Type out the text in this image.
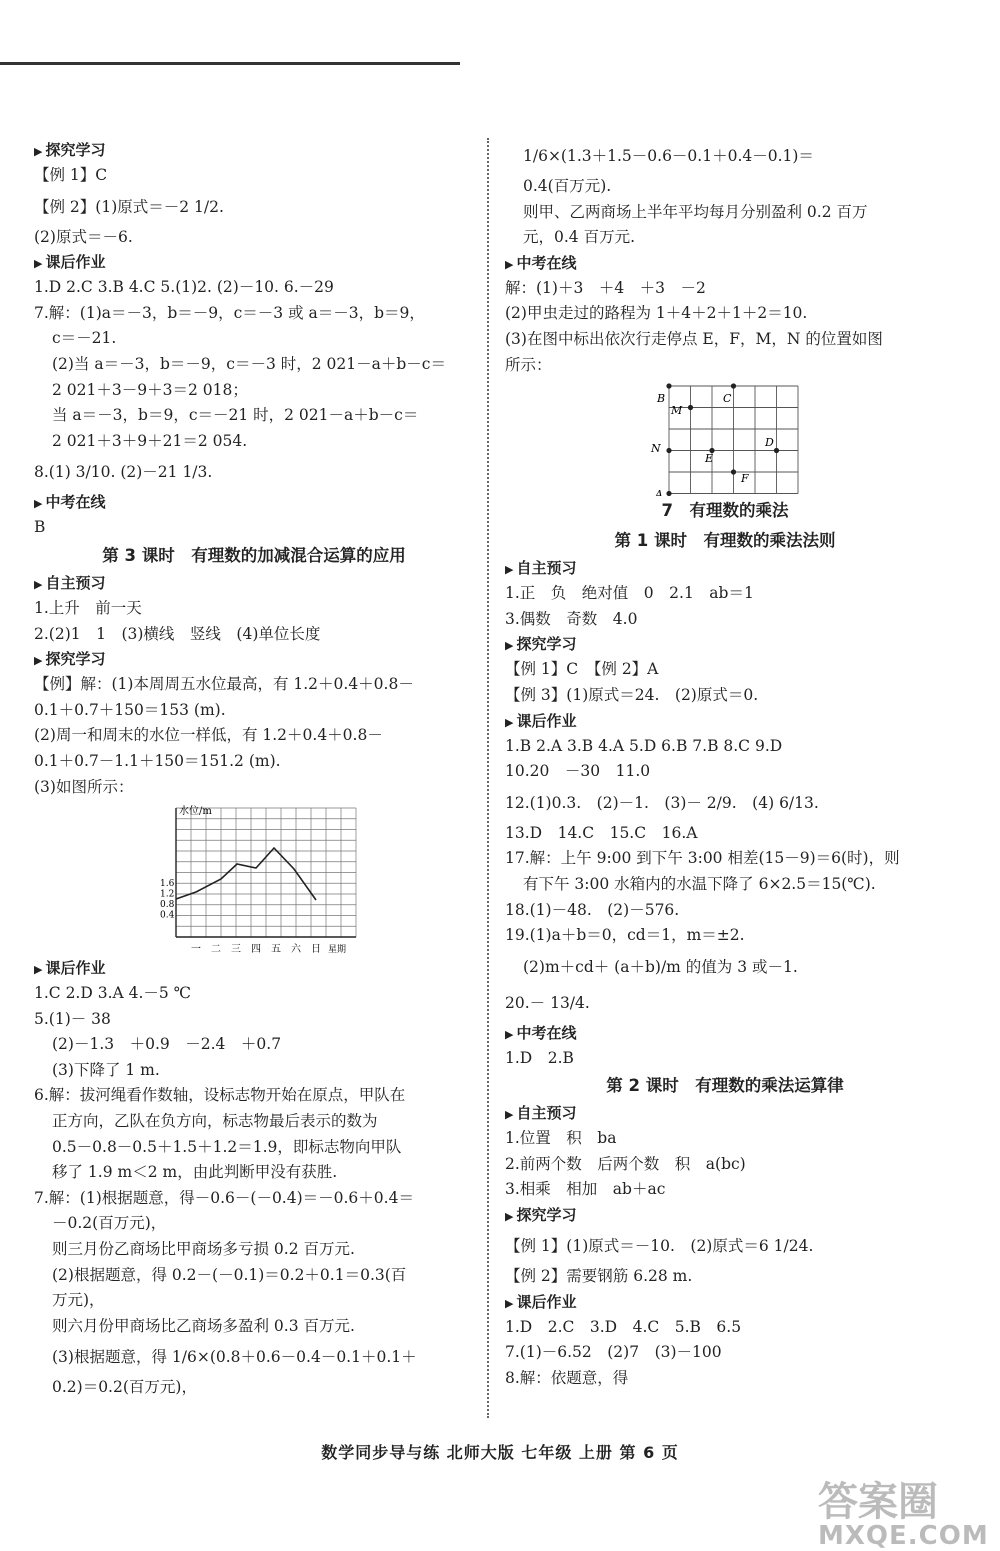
▶ 探究学习
【例 1】C
【例 2】(1)原式＝－2 1/2.
(2)原式＝－6.
▶ 课后作业
1.D 2.C 3.B 4.C 5.(1)2. (2)－10. 6.－29
7.解：(1)a＝－3，b＝－9，c＝－3 或 a＝－3，b＝9，
c＝－21.
(2)当 a＝－3，b＝－9，c＝－3 时，2 021－a＋b－c＝
2 021＋3－9＋3＝2 018；
当 a＝－3，b＝9，c＝－21 时，2 021－a＋b－c＝
2 021＋3＋9＋21＝2 054.
8.(1) 3/10. (2)－21 1/3.
▶ 中考在线
B
第 3 课时　有理数的加减混合运算的应用
▶ 自主预习
1.上升　前一天
2.(2)1　1　(3)横线　竖线　(4)单位长度
▶ 探究学习
【例】解：(1)本周周五水位最高，有 1.2＋0.4＋0.8－
0.1＋0.7＋150＝153 (m).
(2)周一和周末的水位一样低，有 1.2＋0.4＋0.8－
0.1＋0.7－1.1＋150＝151.2 (m).
(3)如图所示：
水位/m
星期
1.6
1.2
0.8
0.4
一 二 三 四 五 六 日
▶ 课后作业
1.C 2.D 3.A 4.－5 ℃
5.(1)－ 38
(2)－1.3　＋0.9　－2.4　＋0.7
(3)下降了 1 m.
6.解：拔河绳看作数轴，设标志物开始在原点，甲队在
正方向，乙队在负方向，标志物最后表示的数为
0.5－0.8－0.5＋1.5＋1.2＝1.9，即标志物向甲队
移了 1.9 m＜2 m，由此判断甲没有获胜.
7.解：(1)根据题意，得－0.6－(－0.4)＝－0.6＋0.4＝
－0.2(百万元)，
则三月份乙商场比甲商场多亏损 0.2 百万元.
(2)根据题意，得 0.2－(－0.1)＝0.2＋0.1＝0.3(百
万元)，
则六月份甲商场比乙商场多盈利 0.3 百万元.
(3)根据题意，得 1/6×(0.8＋0.6－0.4－0.1＋0.1＋
0.2)＝0.2(百万元)，
1/6×(1.3＋1.5－0.6－0.1＋0.4－0.1)＝
0.4(百万元).
则甲、乙两商场上半年平均每月分别盈利 0.2 百万
元，0.4 百万元.
▶ 中考在线
解：(1)＋3　＋4　＋3　－2
(2)甲虫走过的路程为 1＋4＋2＋1＋2＝10.
(3)在图中标出依次行走停点 E，F，M，N 的位置如图
所示：
B
M
C
D
N
E
F
A
7　有理数的乘法
第 1 课时　有理数的乘法法则
▶ 自主预习
1.正　负　绝对值　0　2.1　ab＝1
3.偶数　奇数　4.0
▶ 探究学习
【例 1】C　【例 2】A
【例 3】(1)原式＝24.　(2)原式＝0.
▶ 课后作业
1.B 2.A 3.B 4.A 5.D 6.B 7.B 8.C 9.D
10.20　－30　11.0
12.(1)0.3.　(2)－1.　(3)－ 2/9.　(4) 6/13.
13.D　14.C　15.C　16.A
17.解：上午 9:00 到下午 3:00 相差(15－9)＝6(时)，则
有下午 3:00 水箱内的水温下降了 6×2.5＝15(℃).
18.(1)－48.　(2)－576.
19.(1)a＋b＝0，cd＝1，m＝±2.
(2)m＋cd＋ (a＋b)/m 的值为 3 或－1.
20.－ 13/4.
▶ 中考在线
1.D　2.B
第 2 课时　有理数的乘法运算律
▶ 自主预习
1.位置　积　ba
2.前两个数　后两个数　积　a(bc)
3.相乘　相加　ab＋ac
▶ 探究学习
【例 1】(1)原式＝－10.　(2)原式＝6 1/24.
【例 2】需要钢筋 6.28 m.
▶ 课后作业
1.D　2.C　3.D　4.C　5.B　6.5
7.(1)－6.52　(2)7　(3)－100
8.解：依题意，得
数学同步导与练 北师大版 七年级 上册 第 6 页
答案圈
MXQE.COM
